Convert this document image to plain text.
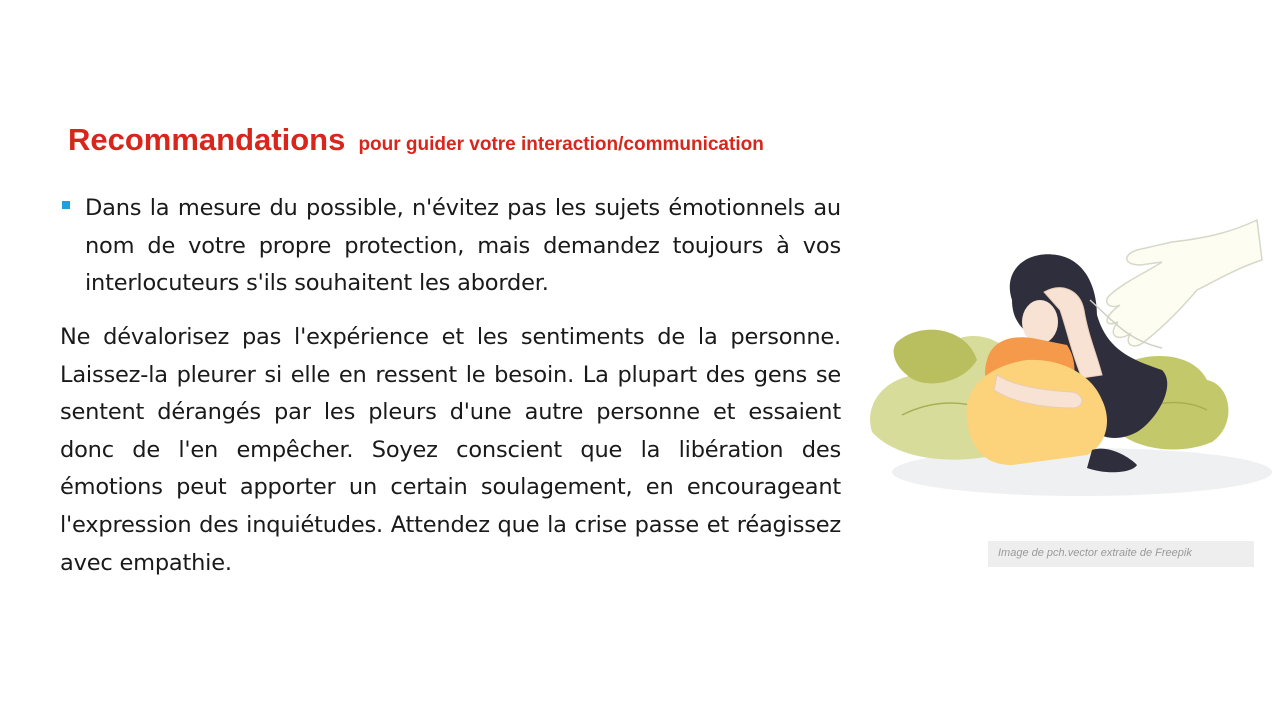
Recommandations pour guider votre interaction/communication
Dans la mesure du possible, n'évitez pas les sujets émotionnels au nom de votre propre protection, mais demandez toujours à vos interlocuteurs s'ils souhaitent les aborder.
Ne dévalorisez pas l'expérience et les sentiments de la personne. Laissez-la pleurer si elle en ressent le besoin. La plupart des gens se sentent dérangés par les pleurs d'une autre personne et essaient donc de l'en empêcher. Soyez conscient que la libération des émotions peut apporter un certain soulagement, en encourageant l'expression des inquiétudes. Attendez que la crise passe et réagissez avec empathie.	Image de pch.vector extraite de Freepik
